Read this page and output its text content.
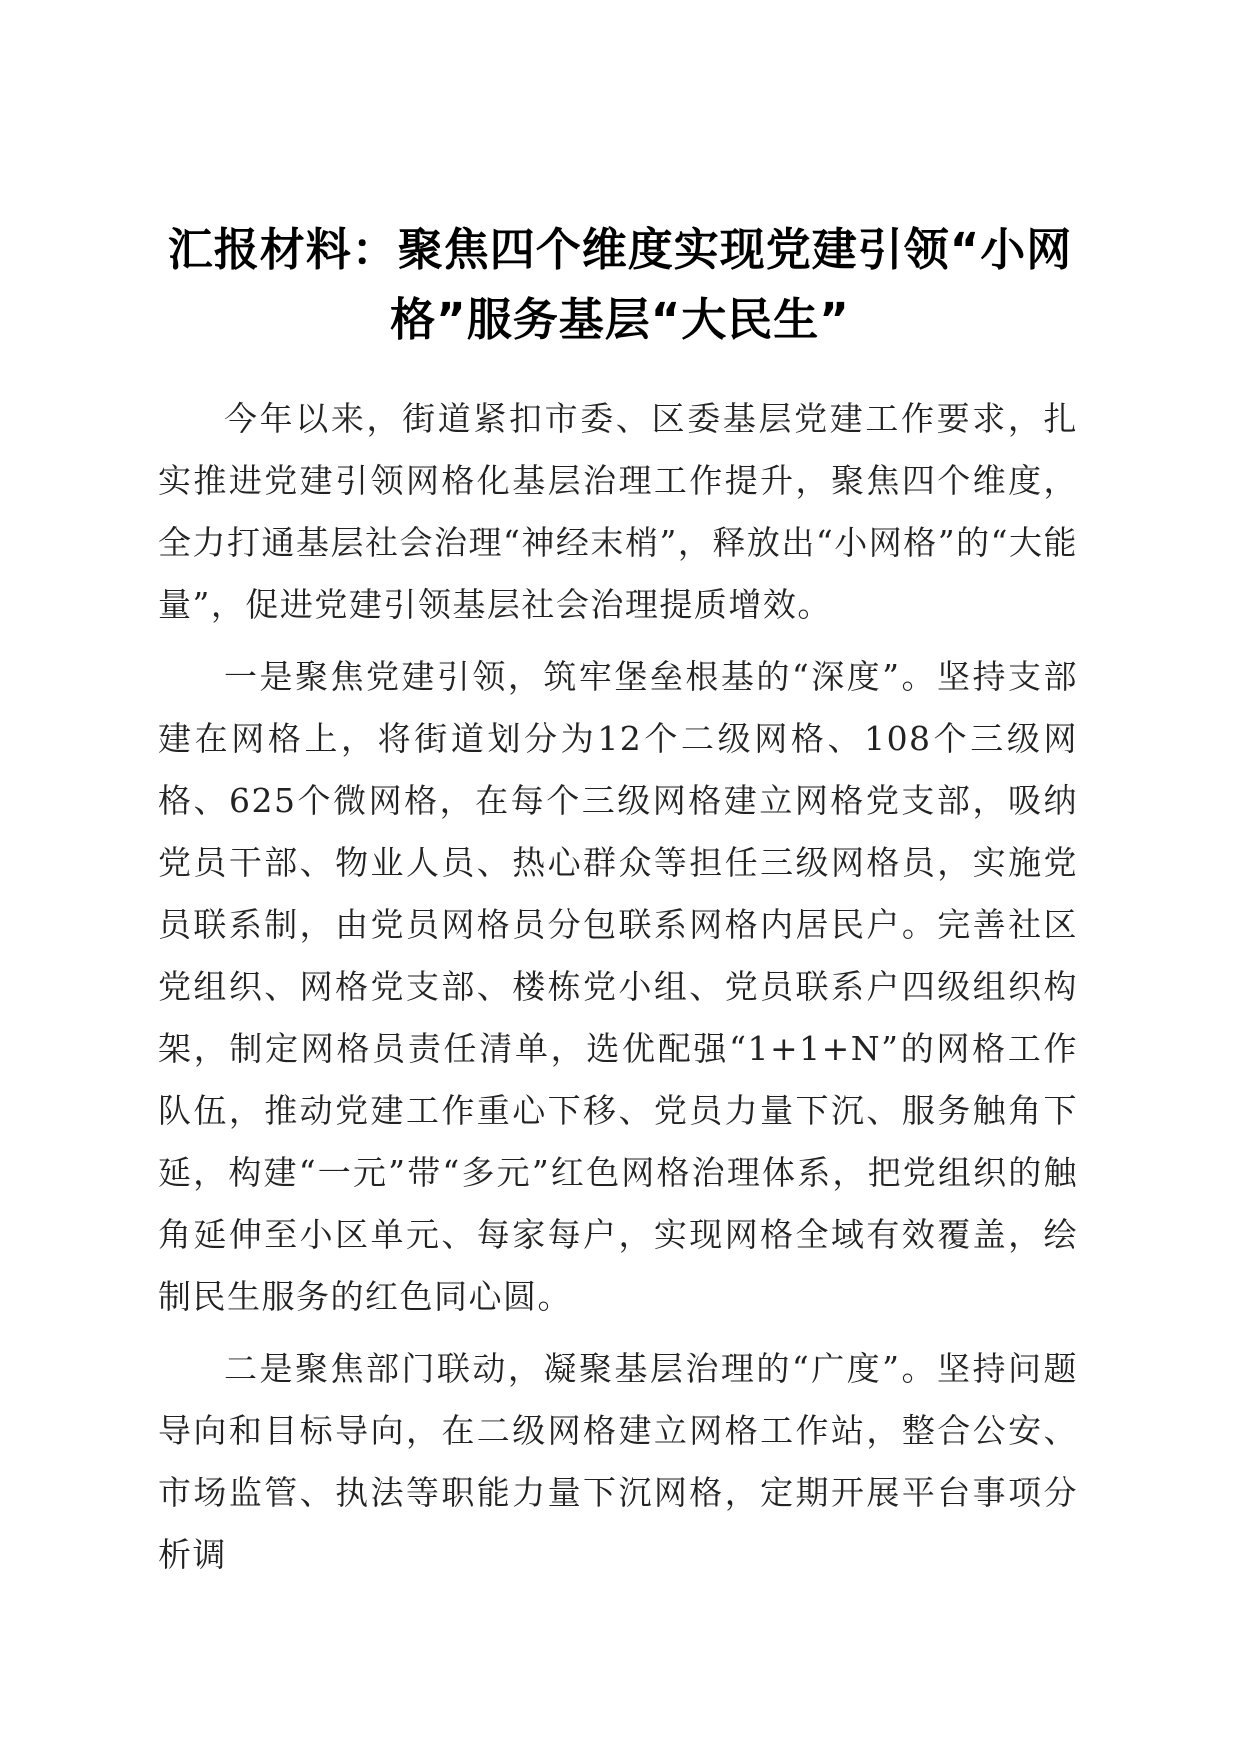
汇报材料：聚焦四个维度实现党建引领“小网格”服务基层“大民生”

今年以来，街道紧扣市委、区委基层党建工作要求，扎实推进党建引领网格化基层治理工作提升，聚焦四个维度，全力打通基层社会治理“神经末梢”，释放出“小网格”的“大能量”，促进党建引领基层社会治理提质增效。

一是聚焦党建引领，筑牢堡垒根基的“深度”。坚持支部建在网格上，将街道划分为12个二级网格、108个三级网格、625个微网格，在每个三级网格建立网格党支部，吸纳党员干部、物业人员、热心群众等担任三级网格员，实施党员联系制，由党员网格员分包联系网格内居民户。完善社区党组织、网格党支部、楼栋党小组、党员联系户四级组织构架，制定网格员责任清单，选优配强“1+1+N”的网格工作队伍，推动党建工作重心下移、党员力量下沉、服务触角下延，构建“一元”带“多元”红色网格治理体系，把党组织的触角延伸至小区单元、每家每户，实现网格全域有效覆盖，绘制民生服务的红色同心圆。

二是聚焦部门联动，凝聚基层治理的“广度”。坚持问题导向和目标导向，在二级网格建立网格工作站，整合公安、市场监管、执法等职能力量下沉网格，定期开展平台事项分析调
